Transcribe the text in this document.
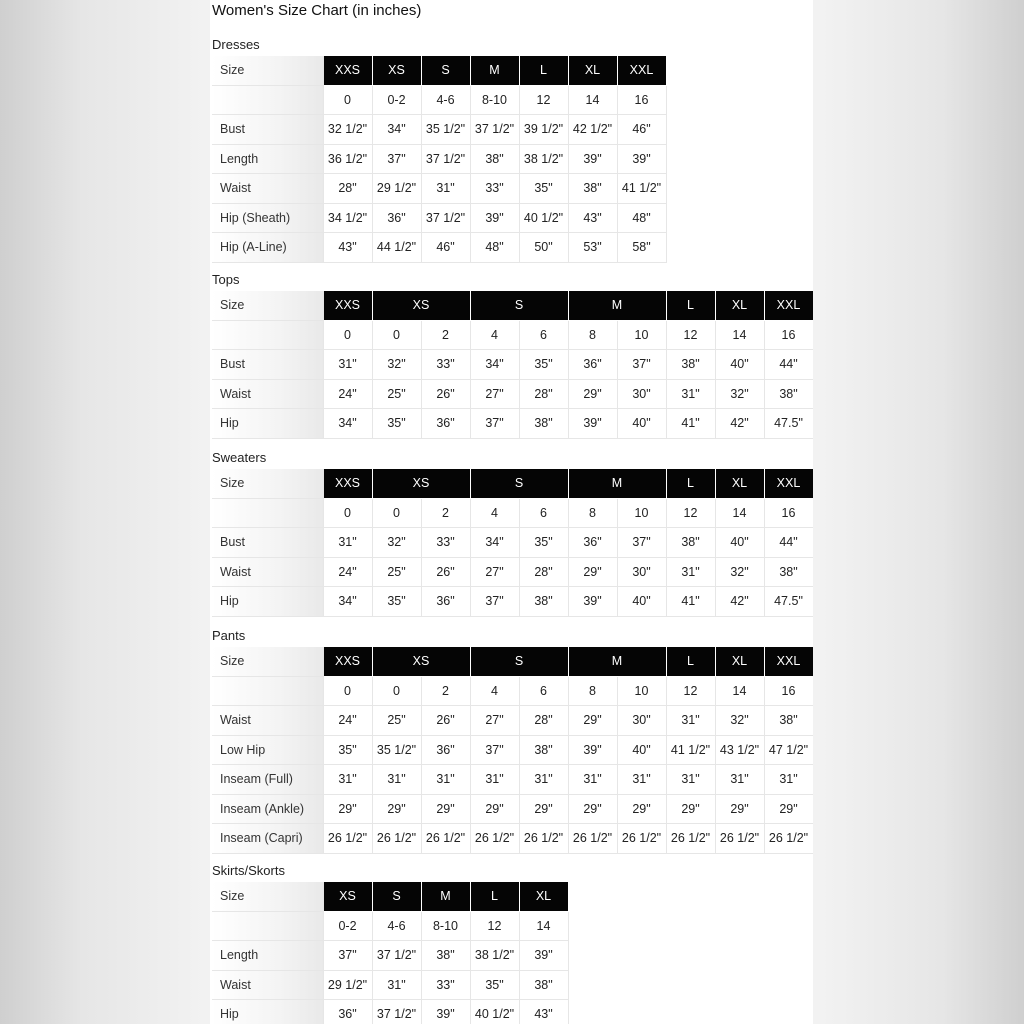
Women's Size Chart (in inches)
Dresses
Size	XXS	XS	S	M	L	XL	XXL
	0	0-2	4-6	8-10	12	14	16
Bust	32 1/2"	34"	35 1/2"	37 1/2"	39 1/2"	42 1/2"	46"
Length	36 1/2"	37"	37 1/2"	38"	38 1/2"	39"	39"
Waist	28"	29 1/2"	31"	33"	35"	38"	41 1/2"
Hip (Sheath)	34 1/2"	36"	37 1/2"	39"	40 1/2"	43"	48"
Hip (A-Line)	43"	44 1/2"	46"	48"	50"	53"	58"
Tops
Size	XXS	XS		S		M		L	XL	XXL
	0	0	2	4	6	8	10	12	14	16
Bust	31"	32"	33"	34"	35"	36"	37"	38"	40"	44"
Waist	24"	25"	26"	27"	28"	29"	30"	31"	32"	38"
Hip	34"	35"	36"	37"	38"	39"	40"	41"	42"	47.5"
Sweaters
Size	XXS	XS		S		M		L	XL	XXL
	0	0	2	4	6	8	10	12	14	16
Bust	31"	32"	33"	34"	35"	36"	37"	38"	40"	44"
Waist	24"	25"	26"	27"	28"	29"	30"	31"	32"	38"
Hip	34"	35"	36"	37"	38"	39"	40"	41"	42"	47.5"
Pants
Size	XXS	XS		S		M		L	XL	XXL
	0	0	2	4	6	8	10	12	14	16
Waist	24"	25"	26"	27"	28"	29"	30"	31"	32"	38"
Low Hip	35"	35 1/2"	36"	37"	38"	39"	40"	41 1/2"	43 1/2"	47 1/2"
Inseam (Full)	31"	31"	31"	31"	31"	31"	31"	31"	31"	31"
Inseam (Ankle)	29"	29"	29"	29"	29"	29"	29"	29"	29"	29"
Inseam (Capri)	26 1/2"	26 1/2"	26 1/2"	26 1/2"	26 1/2"	26 1/2"	26 1/2"	26 1/2"	26 1/2"	26 1/2"
Skirts/Skorts
Size	XS	S	M	L	XL
	0-2	4-6	8-10	12	14
Length	37"	37 1/2"	38"	38 1/2"	39"
Waist	29 1/2"	31"	33"	35"	38"
Hip	36"	37 1/2"	39"	40 1/2"	43"
